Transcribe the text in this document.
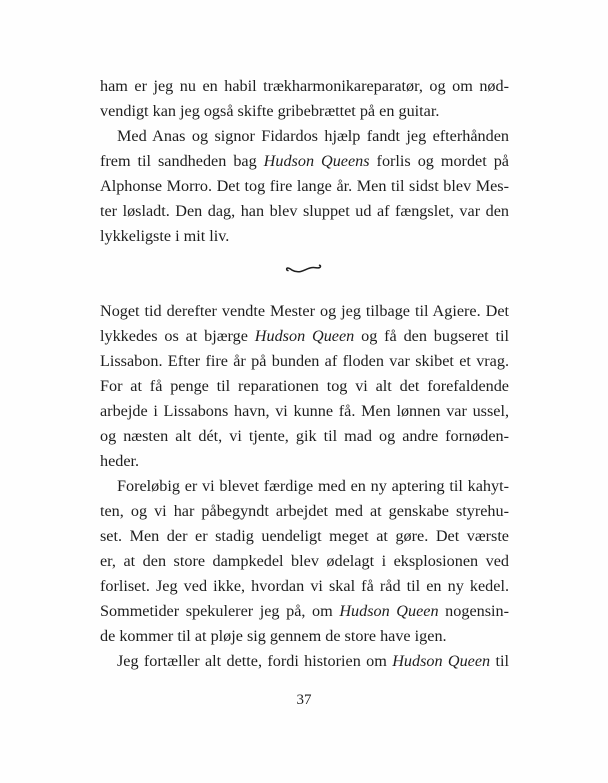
ham er jeg nu en habil trækharmonikareparatør, og om nød-
vendigt kan jeg også skifte gribebrættet på en guitar.
Med Anas og signor Fidardos hjælp fandt jeg efterhånden
frem til sandheden bag Hudson Queens forlis og mordet på
Alphonse Morro. Det tog fire lange år. Men til sidst blev Mes-
ter løsladt. Den dag, han blev sluppet ud af fængslet, var den
lykkeligste i mit liv.
Noget tid derefter vendte Mester og jeg tilbage til Agiere. Det
lykkedes os at bjærge Hudson Queen og få den bugseret til
Lissabon. Efter fire år på bunden af floden var skibet et vrag.
For at få penge til reparationen tog vi alt det forefaldende
arbejde i Lissabons havn, vi kunne få. Men lønnen var ussel,
og næsten alt dét, vi tjente, gik til mad og andre fornøden-
heder.
Foreløbig er vi blevet færdige med en ny aptering til kahyt-
ten, og vi har påbegyndt arbejdet med at genskabe styrehu-
set. Men der er stadig uendeligt meget at gøre. Det værste
er, at den store dampkedel blev ødelagt i eksplosionen ved
forliset. Jeg ved ikke, hvordan vi skal få råd til en ny kedel.
Sommetider spekulerer jeg på, om Hudson Queen nogensin-
de kommer til at pløje sig gennem de store have igen.
Jeg fortæller alt dette, fordi historien om Hudson Queen til
37
